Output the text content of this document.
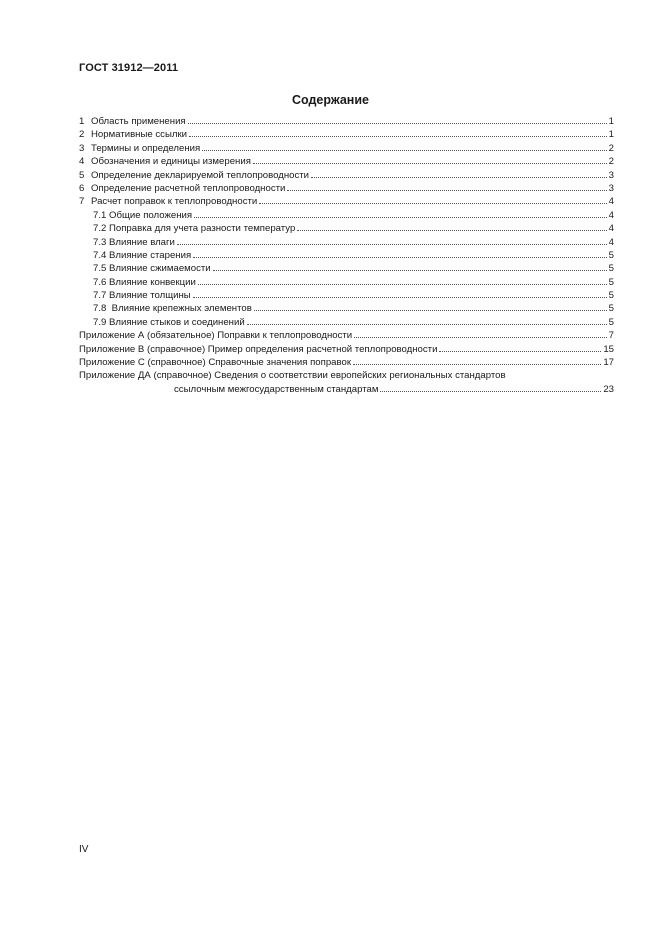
ГОСТ 31912—2011
Содержание
1 Область применения	1
2 Нормативные ссылки	1
3 Термины и определения	2
4 Обозначения и единицы измерения	2
5 Определение декларируемой теплопроводности	3
6 Определение расчетной теплопроводности	3
7 Расчет поправок к теплопроводности	4
7.1 Общие положения	4
7.2 Поправка для учета разности температур	4
7.3 Влияние влаги	4
7.4 Влияние старения	5
7.5 Влияние сжимаемости	5
7.6 Влияние конвекции	5
7.7 Влияние толщины	5
7.8  Влияние крепежных элементов	5
7.9 Влияние стыков и соединений	5
Приложение А (обязательное) Поправки к теплопроводности	7
Приложение В (справочное) Пример определения расчетной теплопроводности	15
Приложение С (справочное) Справочные значения поправок	17
Приложение ДА (справочное) Сведения о соответствии европейских региональных стандартов
ссылочным межгосударственным стандартам	23
IV
